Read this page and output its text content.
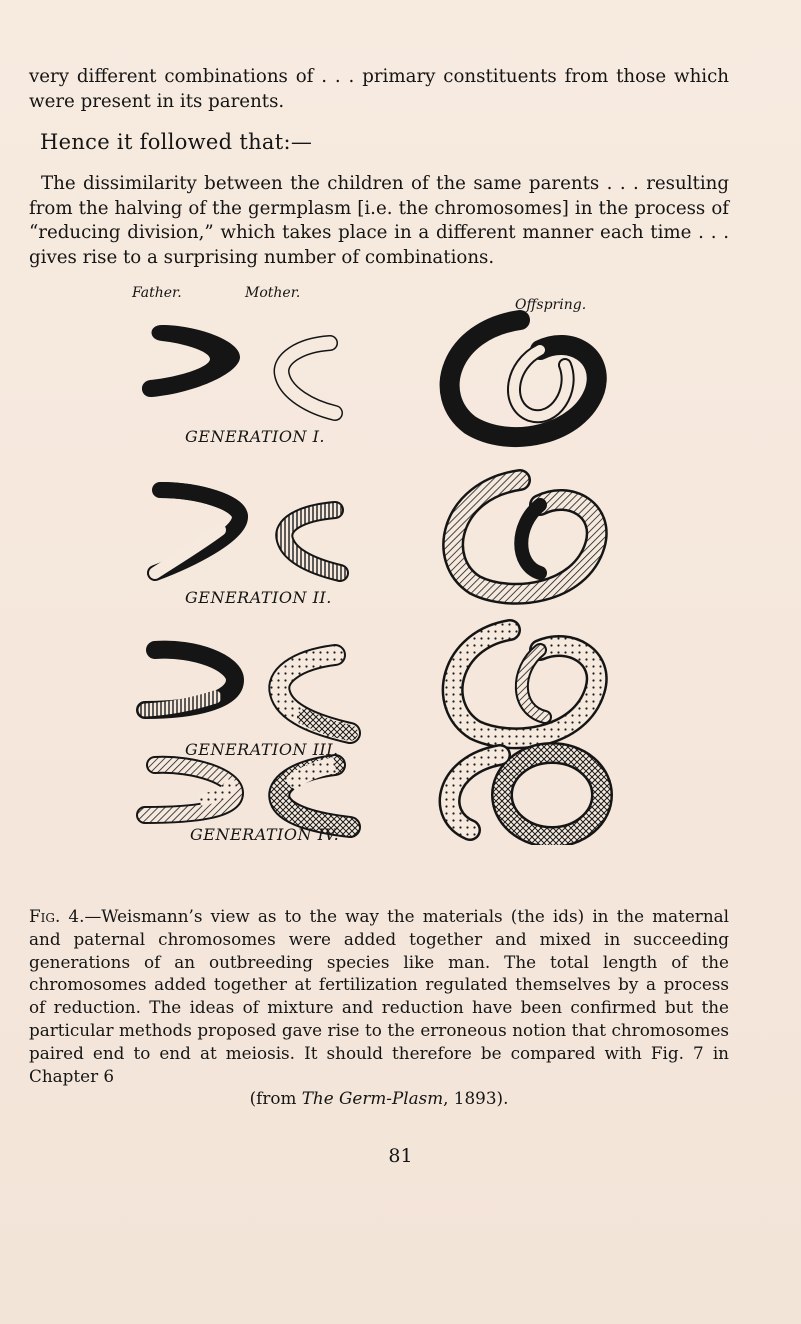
very different combinations of . . . primary constituents from those which were present in its parents.

Hence it followed that:—

The dissimilarity between the children of the same parents . . . resulting from the halving of the germplasm [i.e. the chromosomes] in the process of “reducing division,” which takes place in a different manner each time . . . gives rise to a surprising number of combinations.

Father.	Mother.
Offspring.
GENERATION I.
GENERATION II.
GENERATION III.
GENERATION IV.

Fig. 4.—Weismann’s view as to the way the materials (the ids) in the maternal and paternal chromosomes were added together and mixed in succeeding generations of an outbreeding species like man. The total length of the chromosomes added together at fertilization regulated themselves by a process of reduction. The ideas of mixture and reduction have been confirmed but the particular methods proposed gave rise to the erroneous notion that chromosomes paired end to end at meiosis. It should therefore be compared with Fig. 7 in Chapter 6
(from The Germ-Plasm, 1893).

81
